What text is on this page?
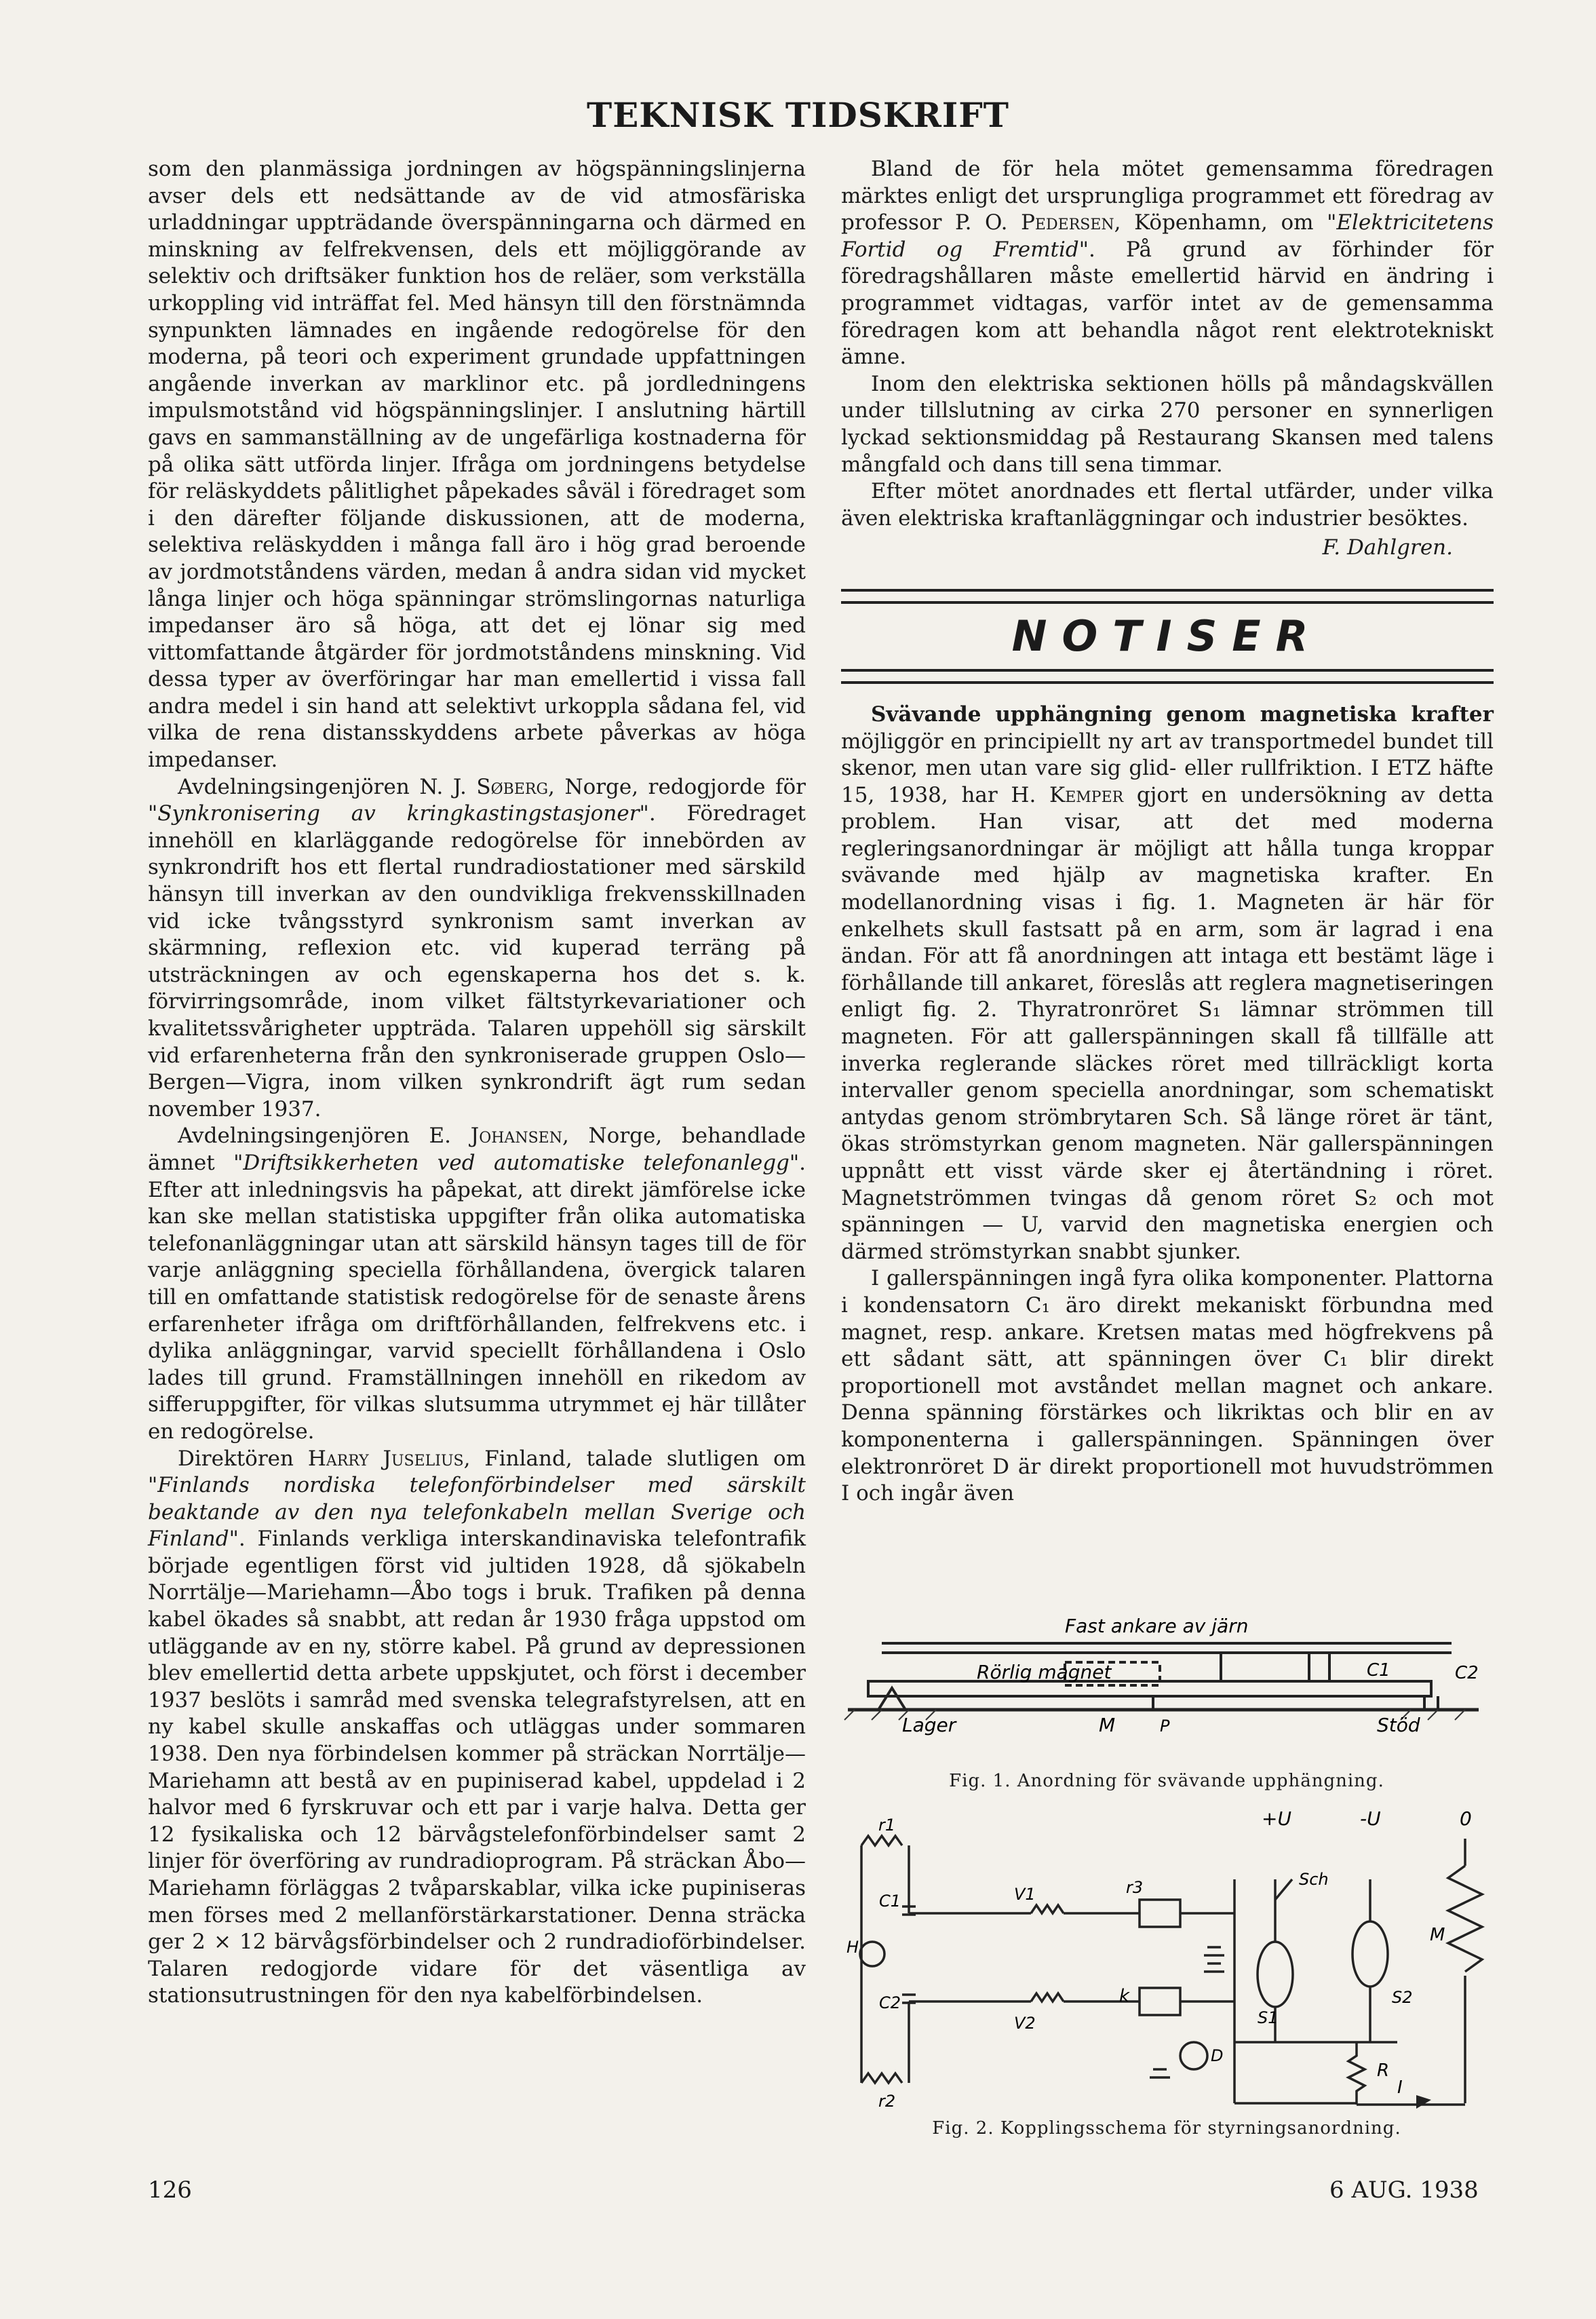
TEKNISK TIDSKRIFT

som den planmässiga jordningen av högspänningslinjerna avser dels ett nedsättande av de vid atmosfäriska urladdningar uppträdande överspänningarna och därmed en minskning av felfrekvensen, dels ett möjliggörande av selektiv och driftsäker funktion hos de reläer, som verkställa urkoppling vid inträffat fel. Med hänsyn till den förstnämnda synpunkten lämnades en ingående redogörelse för den moderna, på teori och experiment grundade uppfattningen angående inverkan av marklinor etc. på jordledningens impulsmotstånd vid högspänningslinjer. I anslutning härtill gavs en sammanställning av de ungefärliga kostnaderna för på olika sätt utförda linjer. Ifråga om jordningens betydelse för reläskyddets pålitlighet påpekades såväl i föredraget som i den därefter följande diskussionen, att de moderna, selektiva reläskydden i många fall äro i hög grad beroende av jordmotståndens värden, medan å andra sidan vid mycket långa linjer och höga spänningar strömslingornas naturliga impedanser äro så höga, att det ej lönar sig med vittomfattande åtgärder för jordmotståndens minskning. Vid dessa typer av överföringar har man emellertid i vissa fall andra medel i sin hand att selektivt urkoppla sådana fel, vid vilka de rena distansskyddens arbete påverkas av höga impedanser.

Avdelningsingenjören N. J. Søberg, Norge, redogjorde för "Synkronisering av kringkastingstasjoner". Föredraget innehöll en klarläggande redogörelse för innebörden av synkrondrift hos ett flertal rundradiostationer med särskild hänsyn till inverkan av den oundvikliga frekvensskillnaden vid icke tvångsstyrd synkronism samt inverkan av skärmning, reflexion etc. vid kuperad terräng på utsträckningen av och egenskaperna hos det s. k. förvirringsområde, inom vilket fältstyrkevariationer och kvalitetssvårigheter uppträda. Talaren uppehöll sig särskilt vid erfarenheterna från den synkroniserade gruppen Oslo—Bergen—Vigra, inom vilken synkrondrift ägt rum sedan november 1937.

Avdelningsingenjören E. Johansen, Norge, behandlade ämnet "Driftsikkerheten ved automatiske telefonanlegg". Efter att inledningsvis ha påpekat, att direkt jämförelse icke kan ske mellan statistiska uppgifter från olika automatiska telefonanläggningar utan att särskild hänsyn tages till de för varje anläggning speciella förhållandena, övergick talaren till en omfattande statistisk redogörelse för de senaste årens erfarenheter ifråga om driftförhållanden, felfrekvens etc. i dylika anläggningar, varvid speciellt förhållandena i Oslo lades till grund. Framställningen innehöll en rikedom av sifferuppgifter, för vilkas slutsumma utrymmet ej här tillåter en redogörelse.

Direktören Harry Juselius, Finland, talade slutligen om "Finlands nordiska telefonförbindelser med särskilt beaktande av den nya telefonkabeln mellan Sverige och Finland". Finlands verkliga interskandinaviska telefontrafik började egentligen först vid jultiden 1928, då sjökabeln Norrtälje—Mariehamn—Åbo togs i bruk. Trafiken på denna kabel ökades så snabbt, att redan år 1930 fråga uppstod om utläggande av en ny, större kabel. På grund av depressionen blev emellertid detta arbete uppskjutet, och först i december 1937 beslöts i samråd med svenska telegrafstyrelsen, att en ny kabel skulle anskaffas och utläggas under sommaren 1938. Den nya förbindelsen kommer på sträckan Norrtälje—Mariehamn att bestå av en pupiniserad kabel, uppdelad i 2 halvor med 6 fyrskruvar och ett par i varje halva. Detta ger 12 fysikaliska och 12 bärvågstelefonförbindelser samt 2 linjer för överföring av rundradioprogram. På sträckan Åbo—Mariehamn förläggas 2 tvåparskablar, vilka icke pupiniseras men förses med 2 mellanförstärkarstationer. Denna sträcka ger 2 × 12 bärvågsförbindelser och 2 rundradioförbindelser. Talaren redogjorde vidare för det väsentliga av stationsutrustningen för den nya kabelförbindelsen.

Bland de för hela mötet gemensamma föredragen märktes enligt det ursprungliga programmet ett föredrag av professor P. O. Pedersen, Köpenhamn, om "Elektricitetens Fortid og Fremtid". På grund av förhinder för föredragshållaren måste emellertid härvid en ändring i programmet vidtagas, varför intet av de gemensamma föredragen kom att behandla något rent elektrotekniskt ämne.

Inom den elektriska sektionen hölls på måndagskvällen under tillslutning av cirka 270 personer en synnerligen lyckad sektionsmiddag på Restaurang Skansen med talens mångfald och dans till sena timmar.

Efter mötet anordnades ett flertal utfärder, under vilka även elektriska kraftanläggningar och industrier besöktes.

F. Dahlgren.
NOTISER

Svävande upphängning genom magnetiska krafter möjliggör en principiellt ny art av transportmedel bundet till skenor, men utan vare sig glid- eller rullfriktion. I ETZ häfte 15, 1938, har H. Kemper gjort en undersökning av detta problem. Han visar, att det med moderna regleringsanordningar är möjligt att hålla tunga kroppar svävande med hjälp av magnetiska krafter. En modellanordning visas i fig. 1. Magneten är här för enkelhets skull fastsatt på en arm, som är lagrad i ena ändan. För att få anordningen att intaga ett bestämt läge i förhållande till ankaret, föreslås att reglera magnetiseringen enligt fig. 2. Thyratronröret S₁ lämnar strömmen till magneten. För att gallerspänningen skall få tillfälle att inverka reglerande släckes röret med tillräckligt korta intervaller genom speciella anordningar, som schematiskt antydas genom strömbrytaren Sch. Så länge röret är tänt, ökas strömstyrkan genom magneten. När gallerspänningen uppnått ett visst värde sker ej återtändning i röret. Magnetströmmen tvingas då genom röret S₂ och mot spänningen — U, varvid den magnetiska energien och därmed strömstyrkan snabbt sjunker.

I gallerspänningen ingå fyra olika komponenter. Plattorna i kondensatorn C₁ äro direkt mekaniskt förbundna med magnet, resp. ankare. Kretsen matas med högfrekvens på ett sådant sätt, att spänningen över C₁ blir direkt proportionell mot avståndet mellan magnet och ankare. Denna spänning förstärkes och likriktas och blir en av komponenterna i gallerspänningen. Spänningen över elektronröret D är direkt proportionell mot huvudströmmen I och ingår även

Fast ankare av järn
Rörlig magnet	C1	C2
Lager	M	P	Stöd
Fig. 1. Anordning för svävande upphängning.
+U	-U	0
Sch
r1
r2
r3
C1
C2
V1
V2
H
k
D
S1
S2
M
R
I
Fig. 2. Kopplingsschema för styrningsanordning.
126	6 AUG. 1938
